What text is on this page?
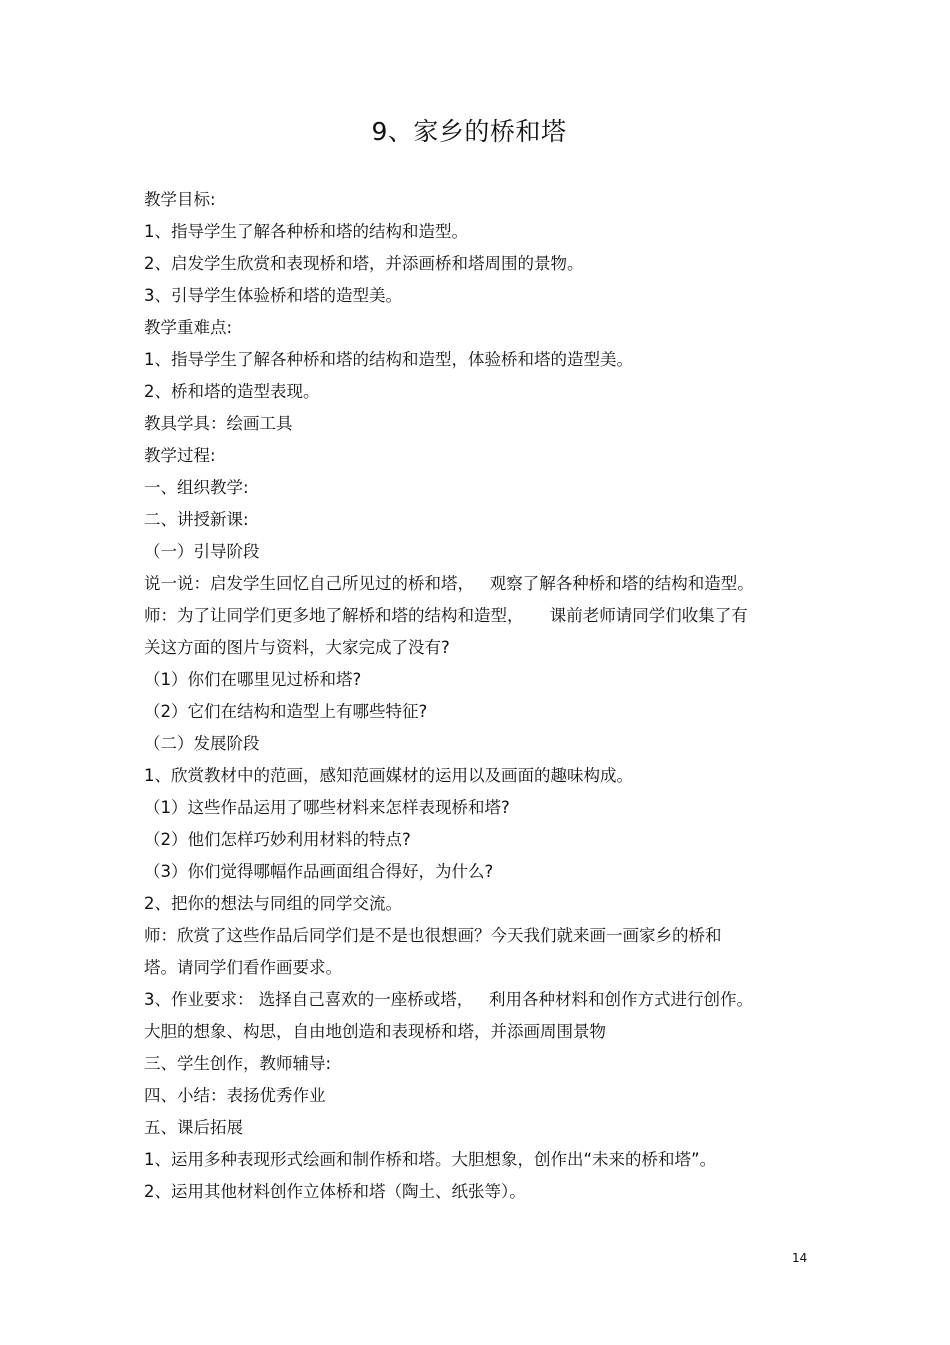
9、家乡的桥和塔
教学目标:
1、指导学生了解各种桥和塔的结构和造型。
2、启发学生欣赏和表现桥和塔，并添画桥和塔周围的景物。
3、引导学生体验桥和塔的造型美。
教学重难点:
1、指导学生了解各种桥和塔的结构和造型，体验桥和塔的造型美。
2、桥和塔的造型表现。
教具学具：绘画工具
教学过程:
一、组织教学:
二、讲授新课:
（一）引导阶段
说一说：启发学生回忆自己所见过的桥和塔，   观察了解各种桥和塔的结构和造型。
师：为了让同学们更多地了解桥和塔的结构和造型，     课前老师请同学们收集了有
关这方面的图片与资料，大家完成了没有?
（1）你们在哪里见过桥和塔?
（2）它们在结构和造型上有哪些特征?
（二）发展阶段
1、欣赏教材中的范画，感知范画媒材的运用以及画面的趣味构成。
（1）这些作品运用了哪些材料来怎样表现桥和塔?
（2）他们怎样巧妙利用材料的特点?
（3）你们觉得哪幅作品画面组合得好，为什么?
2、把你的想法与同组的同学交流。
师：欣赏了这些作品后同学们是不是也很想画？今天我们就来画一画家乡的桥和
塔。请同学们看作画要求。
3、作业要求： 选择自己喜欢的一座桥或塔，   利用各种材料和创作方式进行创作。
大胆的想象、构思，自由地创造和表现桥和塔，并添画周围景物
三、学生创作，教师辅导:
四、小结：表扬优秀作业
五、课后拓展
1、运用多种表现形式绘画和制作桥和塔。大胆想象，创作出“未来的桥和塔”。
2、运用其他材料创作立体桥和塔（陶土、纸张等）。
14
